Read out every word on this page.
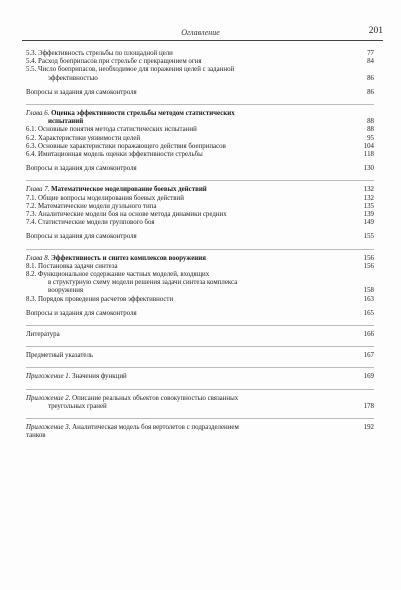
Оглавление	201
5.3. Эффективность стрельбы по площадной цели	77
5.4. Расход боеприпасов при стрельбе с прекращением огня	84
5.5. Число боеприпасов, необходимое для поражения целей с заданной
эффективностью	86
Вопросы и задания для самоконтроля	86
Глава 6. Оценка эффективности стрельбы методом статистических
испытаний	88
6.1. Основные понятия метода статистических испытаний	88
6.2. Характеристики уязвимости целей	95
6.3. Основные характеристики поражающего действия боеприпасов	104
6.4. Имитационная модель оценки эффективности стрельбы	118
Вопросы и задания для самоконтроля	130
Глава 7. Математическое моделирование боевых действий	132
7.1. Общие вопросы моделирования боевых действий	132
7.2. Математические модели дуэльного типа	135
7.3. Аналитические модели боя на основе метода динамики средних	139
7.4. Статистические модели группового боя	149
Вопросы и задания для самоконтроля	155
Глава 8. Эффективность и синтез комплексов вооружения	156
8.1. Постановка задачи синтеза	156
8.2. Функциональное содержание частных моделей, входящих
в структурную схему модели решения задачи синтеза комплекса
вооружения	158
8.3. Порядок проведения расчетов эффективности	163
Вопросы и задания для самоконтроля	165
Литература	166
Предметный указатель	167
Приложение 1. Значения функций	169
Приложение 2. Описание реальных объектов совокупностью связанных
треугольных граней	178
Приложение 3. Аналитическая модель боя вертолетов с подразделением	192
танков
